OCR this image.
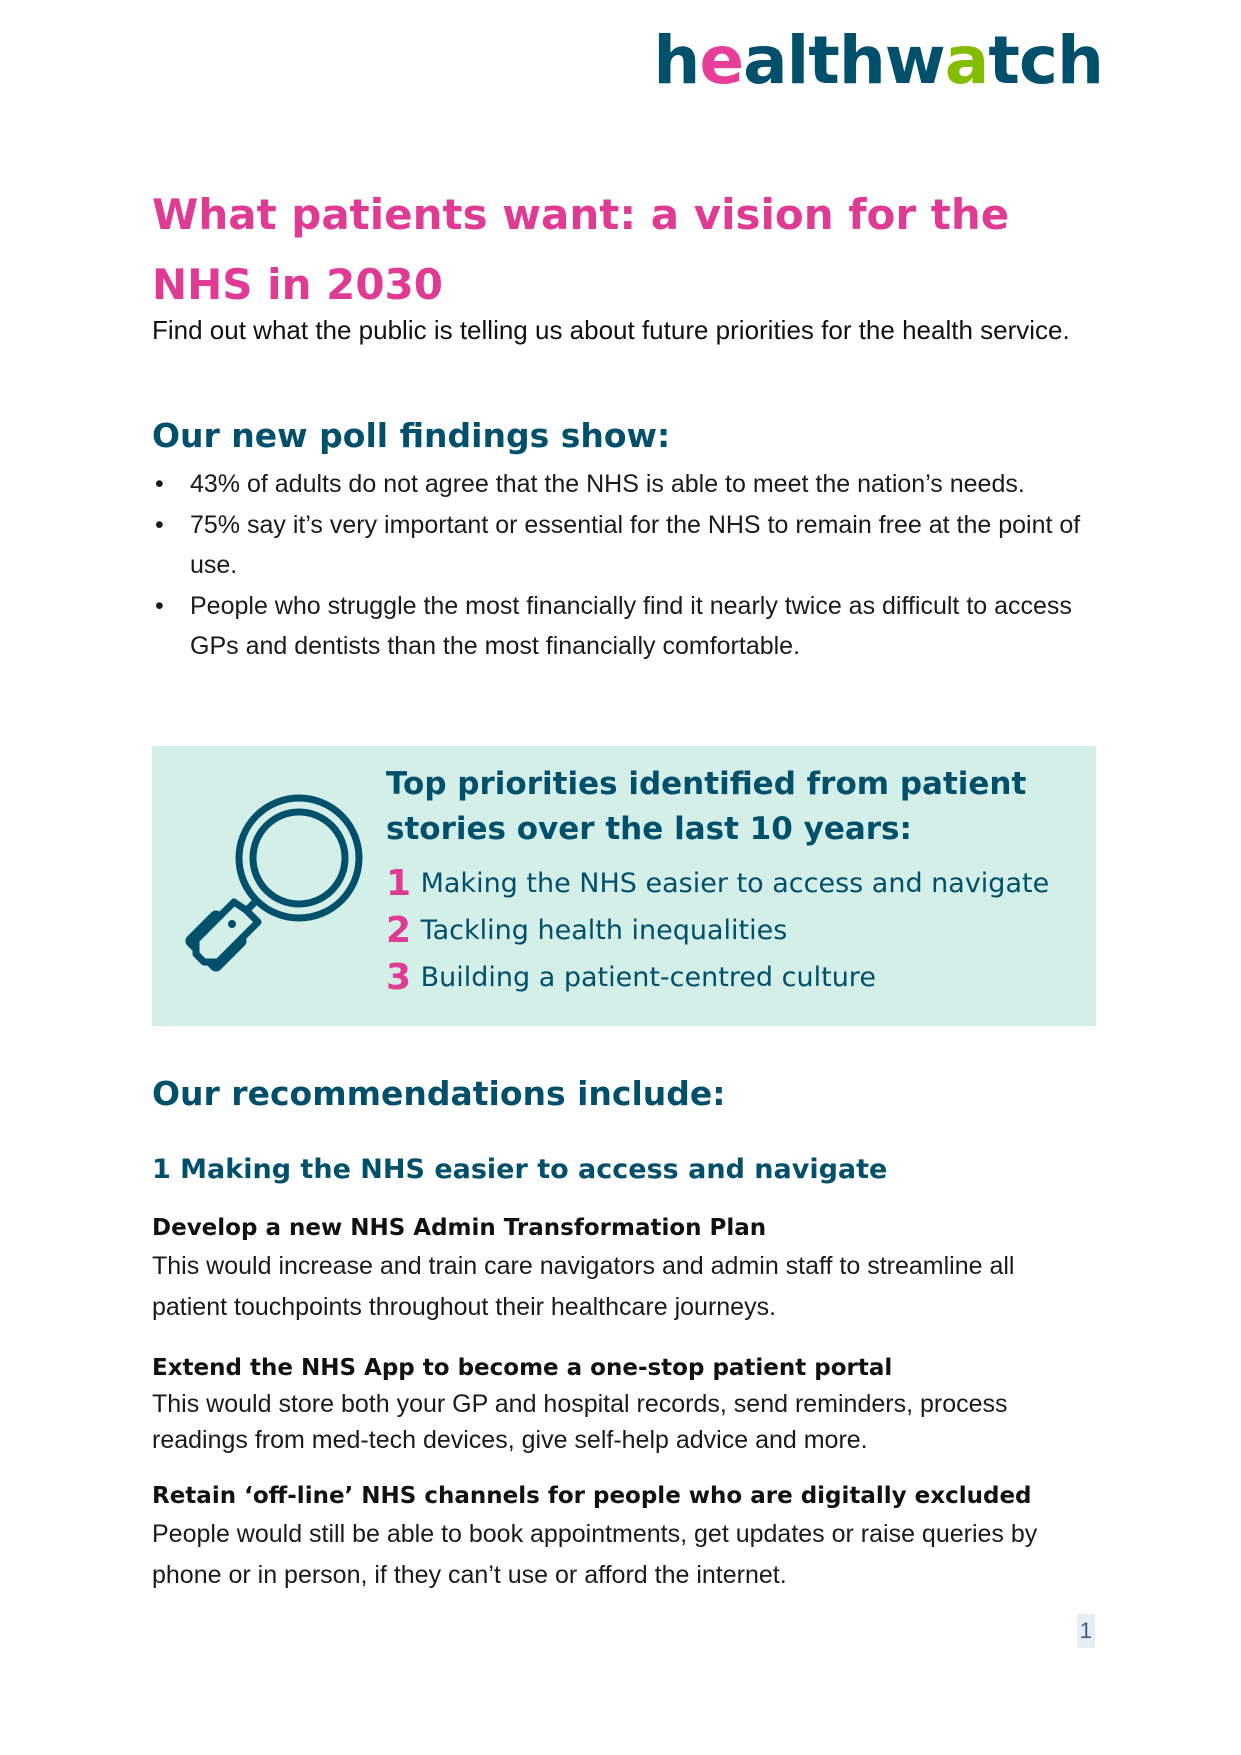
healthwatch
What patients want: a vision for the NHS in 2030

Find out what the public is telling us about future priorities for the health service.

Our new poll findings show:
• 43% of adults do not agree that the NHS is able to meet the nation’s needs.
• 75% say it’s very important or essential for the NHS to remain free at the point of use.
• People who struggle the most financially find it nearly twice as difficult to access GPs and dentists than the most financially comfortable.

Top priorities identified from patient stories over the last 10 years:

1 Making the NHS easier to access and navigate
2 Tackling health inequalities
3 Building a patient-centred culture
Our recommendations include:
1 Making the NHS easier to access and navigate

Develop a new NHS Admin Transformation Plan

This would increase and train care navigators and admin staff to streamline all patient touchpoints throughout their healthcare journeys.

Extend the NHS App to become a one-stop patient portal

This would store both your GP and hospital records, send reminders, process readings from med-tech devices, give self-help advice and more.

Retain ‘off-line’ NHS channels for people who are digitally excluded

People would still be able to book appointments, get updates or raise queries by phone or in person, if they can’t use or afford the internet.

1
